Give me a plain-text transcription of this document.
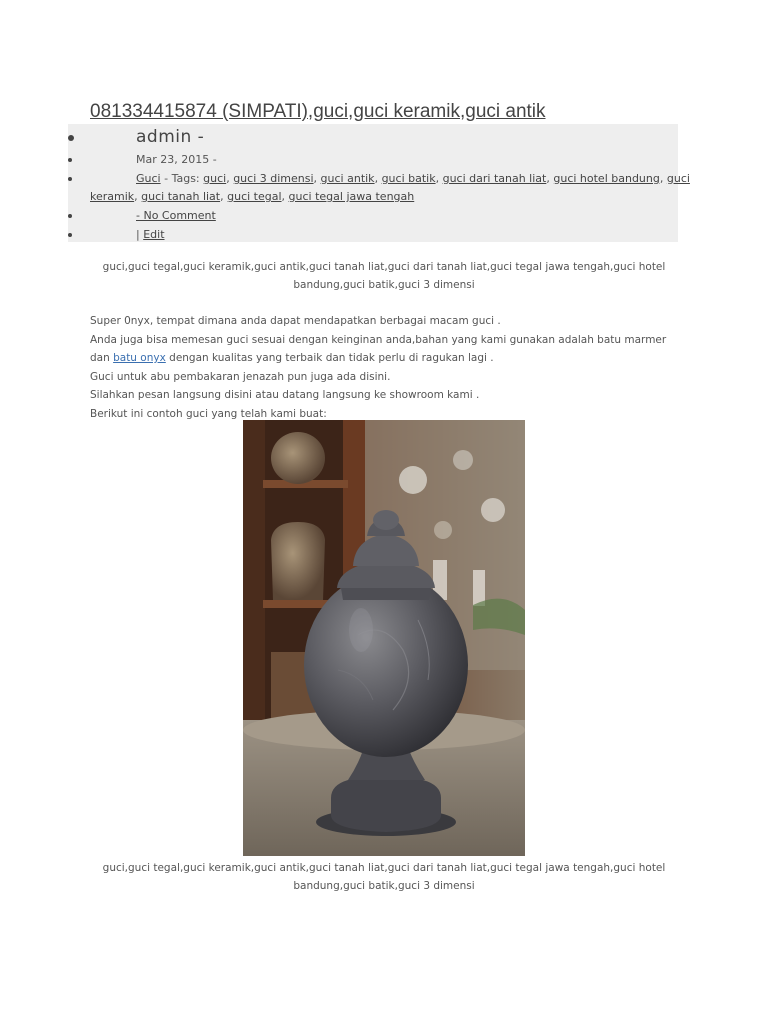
081334415874 (SIMPATI),guci,guci keramik,guci antik
admin -
Mar 23, 2015 -
Guci - Tags: guci, guci 3 dimensi, guci antik, guci batik, guci dari tanah liat, guci hotel bandung, guci
keramik, guci tanah liat, guci tegal, guci tegal jawa tengah
- No Comment
| Edit
guci,guci tegal,guci keramik,guci antik,guci tanah liat,guci dari tanah liat,guci tegal jawa tengah,guci hotel
bandung,guci batik,guci 3 dimensi

Super 0nyx, tempat dimana anda dapat mendapatkan berbagai macam guci .

Anda juga bisa memesan guci sesuai dengan keinginan anda,bahan yang kami gunakan adalah batu marmer

dan batu onyx dengan kualitas yang terbaik dan tidak perlu di ragukan lagi .

Guci untuk abu pembakaran jenazah pun juga ada disini.

Silahkan pesan langsung disini atau datang langsung ke showroom kami .

Berikut ini contoh guci yang telah kami buat:

guci,guci tegal,guci keramik,guci antik,guci tanah liat,guci dari tanah liat,guci tegal jawa tengah,guci hotel
bandung,guci batik,guci 3 dimensi
